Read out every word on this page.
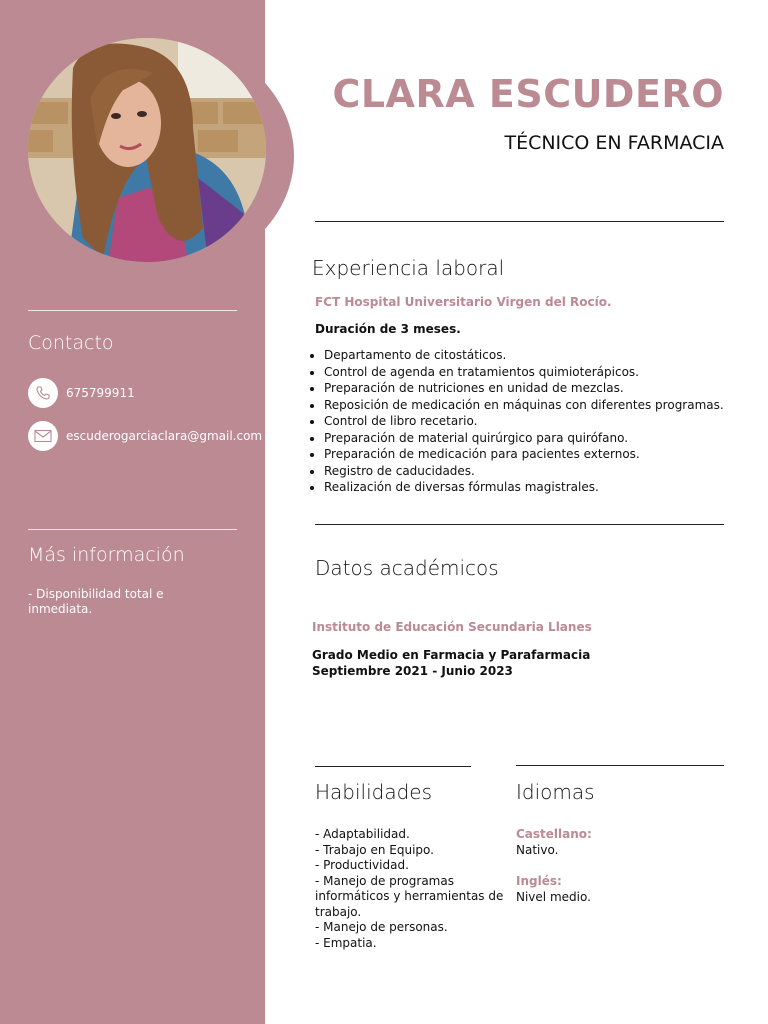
Contacto
675799911
escuderogarciaclara@gmail.com
Más información
- Disponibilidad total e inmediata.
CLARA ESCUDERO
TÉCNICO EN FARMACIA
Experiencia laboral
FCT Hospital Universitario Virgen del Rocío.
Duración de 3 meses.
• Departamento de citostáticos.
• Control de agenda en tratamientos quimioterápicos.
• Preparación de nutriciones en unidad de mezclas.
• Reposición de medicación en máquinas con diferentes programas.
• Control de libro recetario.
• Preparación de material quirúrgico para quirófano.
• Preparación de medicación para pacientes externos.
• Registro de caducidades.
• Realización de diversas fórmulas magistrales.
Datos académicos
Instituto de Educación Secundaria Llanes
Grado Medio en Farmacia y Parafarmacia
Septiembre 2021 - Junio 2023
Habilidades	Idiomas
- Adaptabilidad.
- Trabajo en Equipo.
- Productividad.
- Manejo de programas informáticos y herramientas de trabajo.
- Manejo de personas.
- Empatia.
Castellano:
Nativo.
Inglés:
Nivel medio.
